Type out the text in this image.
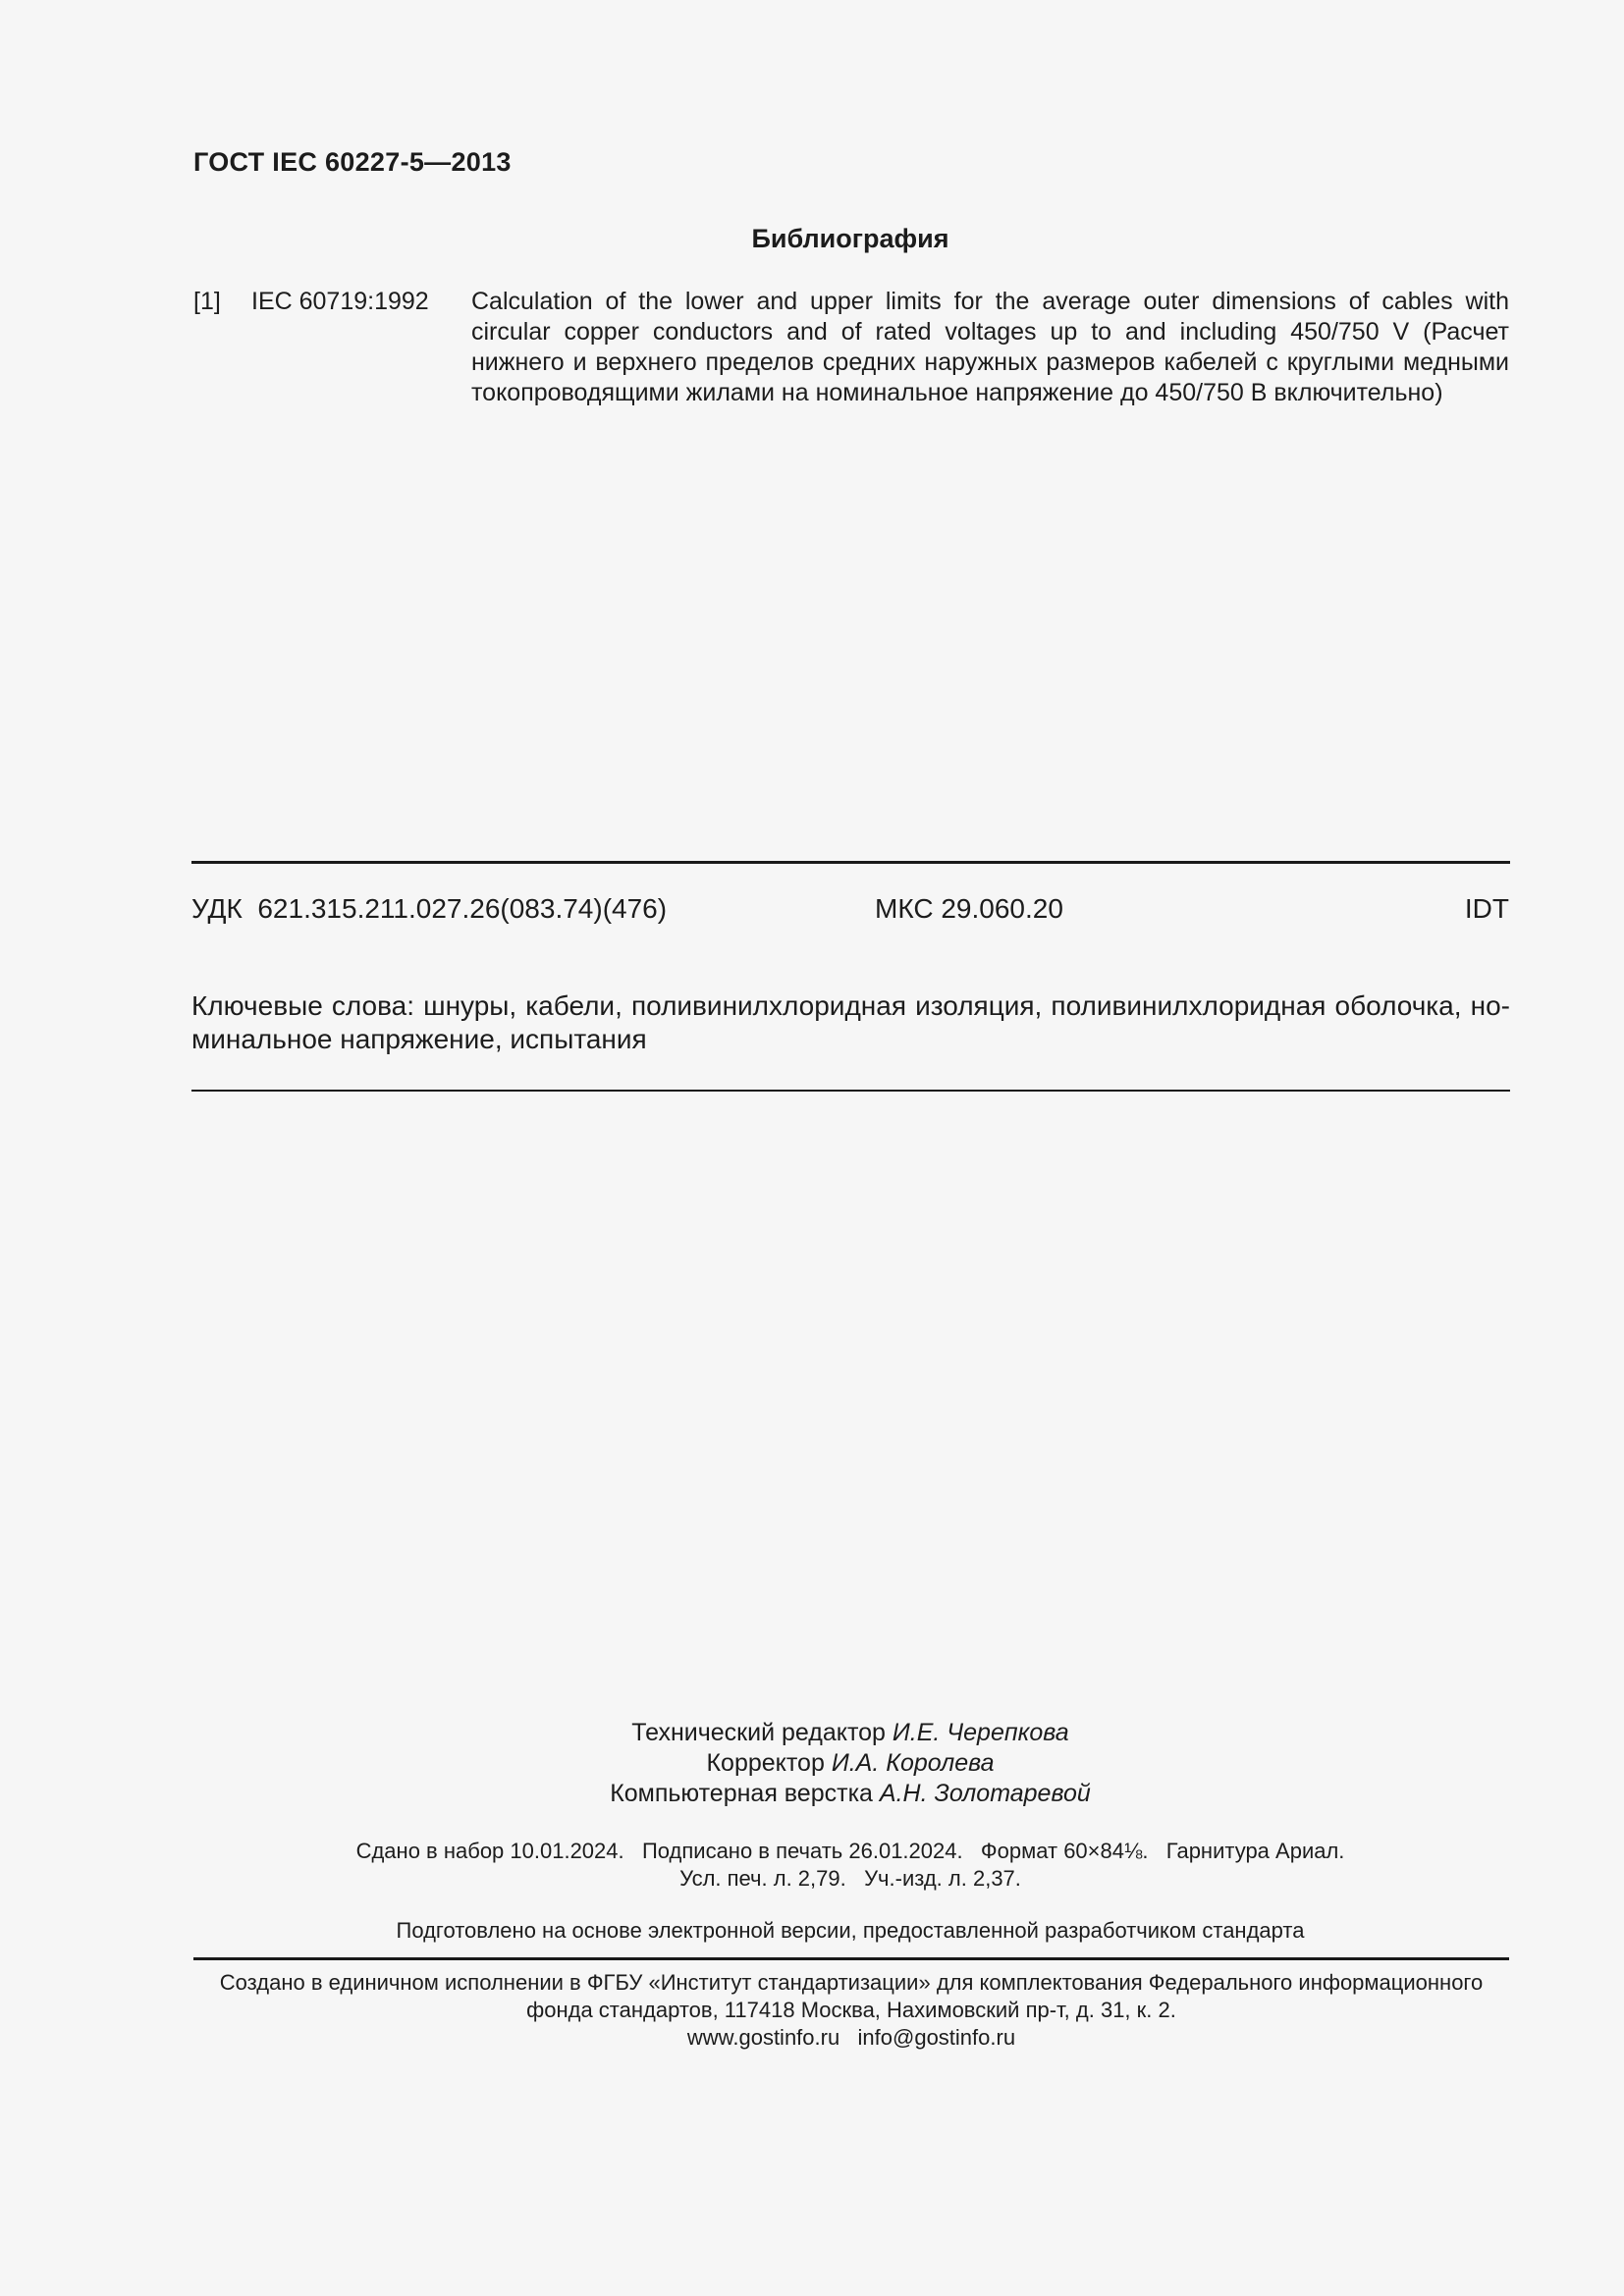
ГОСТ IEC 60227-5—2013
Библиография
[1] IEC 60719:1992 Calculation of the lower and upper limits for the average outer dimensions of cables with circular copper conductors and of rated voltages up to and including 450/750 V (Расчет нижнего и верхнего пределов средних наружных размеров кабелей с круглыми медными токопроводящими жилами на номинальное напряжение до 450/750 В включительно)
УДК  621.315.211.027.26(083.74)(476)	МКС 29.060.20	IDT
Ключевые слова: шнуры, кабели, поливинилхлоридная изоляция, поливинилхлоридная оболочка, номинальное напряжение, испытания
Технический редактор И.Е. Черепкова
Корректор И.А. Королева
Компьютерная верстка А.Н. Золотаревой
Сдано в набор 10.01.2024.   Подписано в печать 26.01.2024.   Формат 60×84⅛.   Гарнитура Ариал.
Усл. печ. л. 2,79.   Уч.-изд. л. 2,37.
Подготовлено на основе электронной версии, предоставленной разработчиком стандарта
Создано в единичном исполнении в ФГБУ «Институт стандартизации» для комплектования Федерального информационного
фонда стандартов, 117418 Москва, Нахимовский пр-т, д. 31, к. 2.
www.gostinfo.ru   info@gostinfo.ru
